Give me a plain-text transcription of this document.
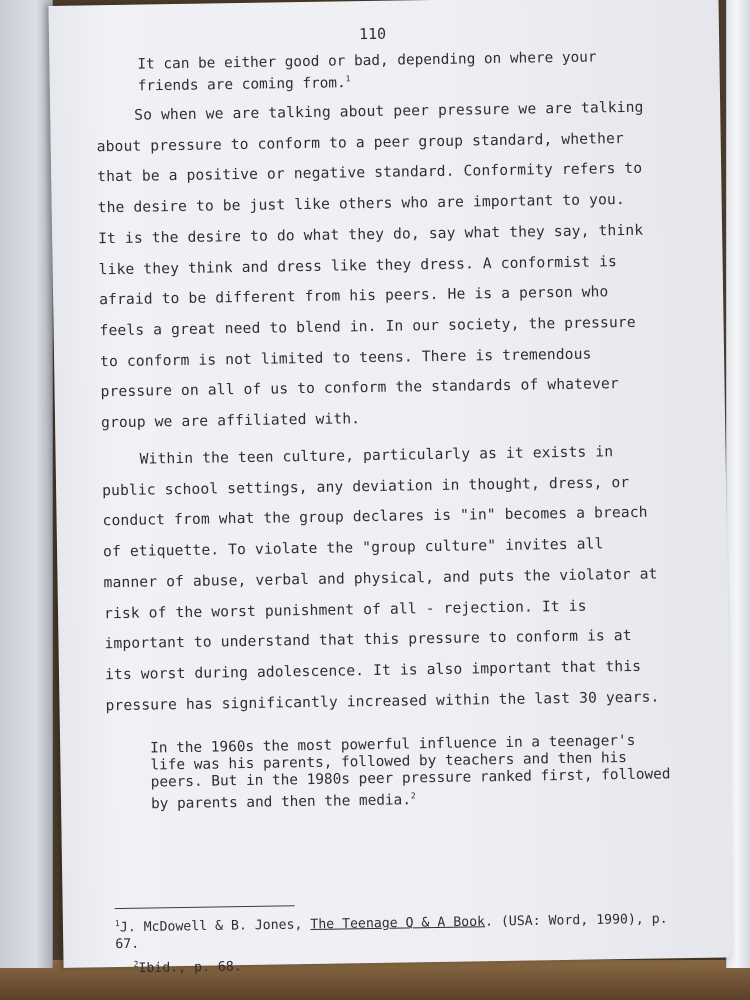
110
It can be either good or bad, depending on where your friends are coming from.$^1$
So when we are talking about peer pressure we are talking
about pressure to conform to a peer group standard, whether
that be a positive or negative standard. Conformity refers to
the desire to be just like others who are important to you.
It is the desire to do what they do, say what they say, think
like they think and dress like they dress. A conformist is
afraid to be different from his peers. He is a person who
feels a great need to blend in. In our society, the pressure
to conform is not limited to teens. There is tremendous
pressure on all of us to conform the standards of whatever
group we are affiliated with.
Within the teen culture, particularly as it exists in
public school settings, any deviation in thought, dress, or
conduct from what the group declares is "in" becomes a breach
of etiquette. To violate the "group culture" invites all
manner of abuse, verbal and physical, and puts the violator at
risk of the worst punishment of all - rejection. It is
important to understand that this pressure to conform is at
its worst during adolescence. It is also important that this
pressure has significantly increased within the last 30 years.
In the 1960s the most powerful influence in a teenager's life was his parents, followed by teachers and then his peers. But in the 1980s peer pressure ranked first, followed by parents and then the media.$^2$
$^1$J. McDowell & B. Jones, The Teenage Q & A Book. (USA: Word, 1990), p. 67.
$^2$Ibid., p. 68.
